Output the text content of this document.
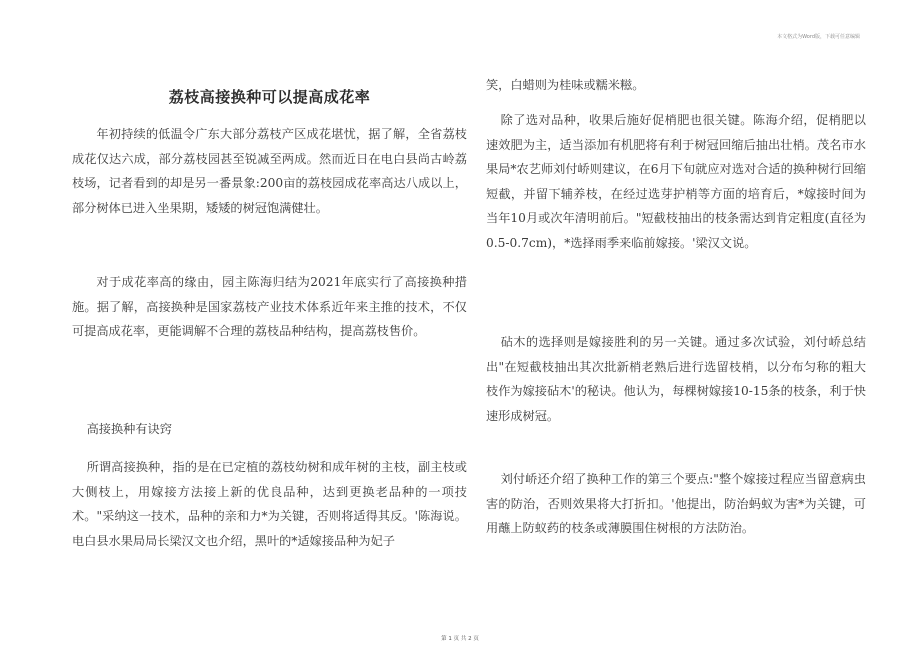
本文格式为Word版，下载可任意编辑
荔枝高接换种可以提高成花率

年初持续的低温令广东大部分荔枝产区成花堪忧，据了解，全省荔枝成花仅达六成，部分荔枝园甚至锐减至两成。然而近日在电白县尚古岭荔枝场，记者看到的却是另一番景象:200亩的荔枝园成花率高达八成以上，部分树体已进入坐果期，矮矮的树冠饱满健壮。

对于成花率高的缘由，园主陈海归结为2021年底实行了高接换种措施。据了解，高接换种是国家荔枝产业技术体系近年来主推的技术，不仅可提高成花率，更能调解不合理的荔枝品种结构，提高荔枝售价。

高接换种有诀窍

所谓高接换种，指的是在已定植的荔枝幼树和成年树的主枝，副主枝或大侧枝上，用嫁接方法接上新的优良品种，达到更换老品种的一项技术。"采纳这一技术，品种的亲和力*为关键，否则将适得其反。'陈海说。电白县水果局局长梁汉文也介绍，黑叶的*适嫁接品种为妃子

笑，白蜡则为桂味或糯米糍。

除了选对品种，收果后施好促梢肥也很关键。陈海介绍，促梢肥以速效肥为主，适当添加有机肥将有利于树冠回缩后抽出壮梢。茂名市水果局*农艺师刘付峤则建议，在6月下旬就应对选对合适的换种树行回缩短截，并留下辅养枝，在经过选芽护梢等方面的培育后，*嫁接时间为当年10月或次年清明前后。"短截枝抽出的枝条需达到肯定粗度(直径为0.5-0.7cm)，*选择雨季来临前嫁接。'梁汉文说。

砧木的选择则是嫁接胜利的另一关键。通过多次试验，刘付峤总结出"在短截枝抽出其次批新梢老熟后进行选留枝梢，以分布匀称的粗大枝作为嫁接砧木'的秘诀。他认为，每棵树嫁接10-15条的枝条，利于快速形成树冠。

刘付峤还介绍了换种工作的第三个要点:"整个嫁接过程应当留意病虫害的防治，否则效果将大打折扣。'他提出，防治蚂蚁为害*为关键，可用蘸上防蚁药的枝条或薄膜围住树根的方法防治。

第 1 页 共 2 页
